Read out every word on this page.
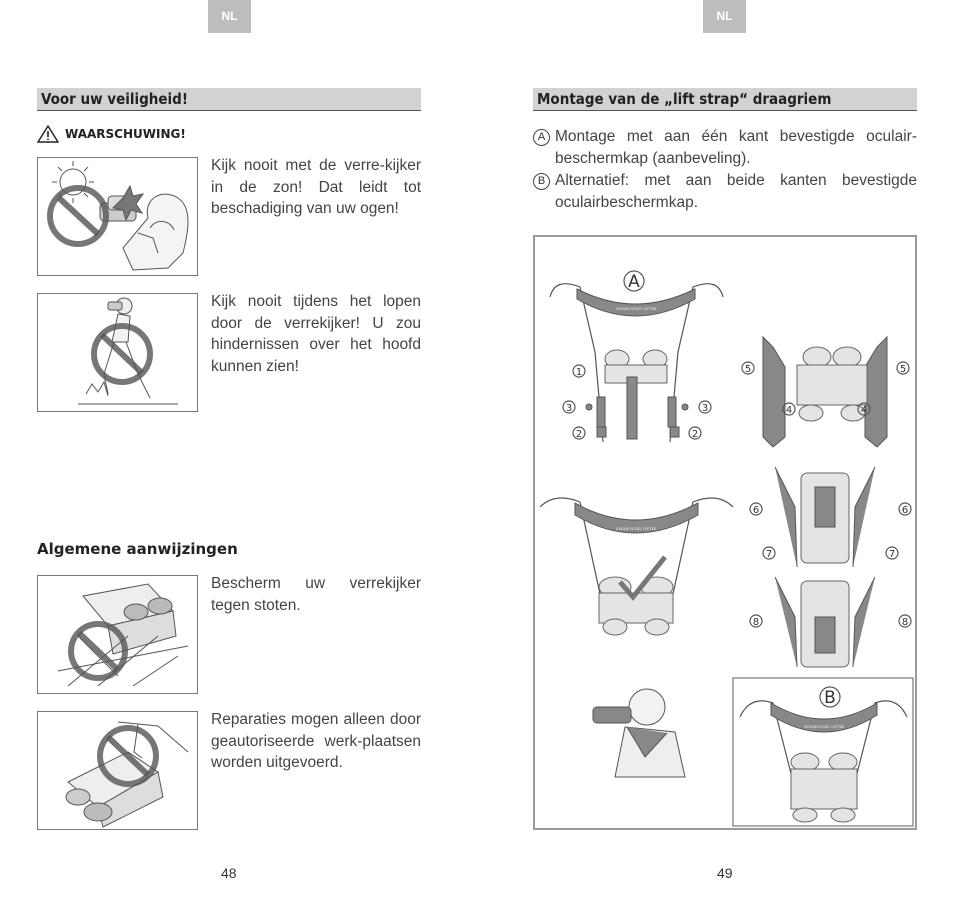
NL
Voor uw veiligheid!
WAARSCHUWING!
Kijk nooit met de verre-kijker in de zon! Dat leidt tot beschadiging van uw ogen!
Kijk nooit tijdens het lopen door de verrekijker! U zou hindernissen over het hoofd kunnen zien!
Algemene aanwijzingen
Bescherm uw verrekijker tegen stoten.
Reparaties mogen alleen door geautoriseerde werk-plaatsen worden uitgevoerd.
48
NL
Montage van de „lift strap“ draagriem
A Montage met aan één kant bevestigde oculair-beschermkap (aanbeveling).
B Alternatief: met aan beide kanten bevestigde oculairbeschermkap.
A
SWAROVSKI OPTIK
1
3	3
2	2
5	5
4	4
SWAROVSKI OPTIK
6	6
7	7
8	8
B
SWAROVSKI OPTIK
49
